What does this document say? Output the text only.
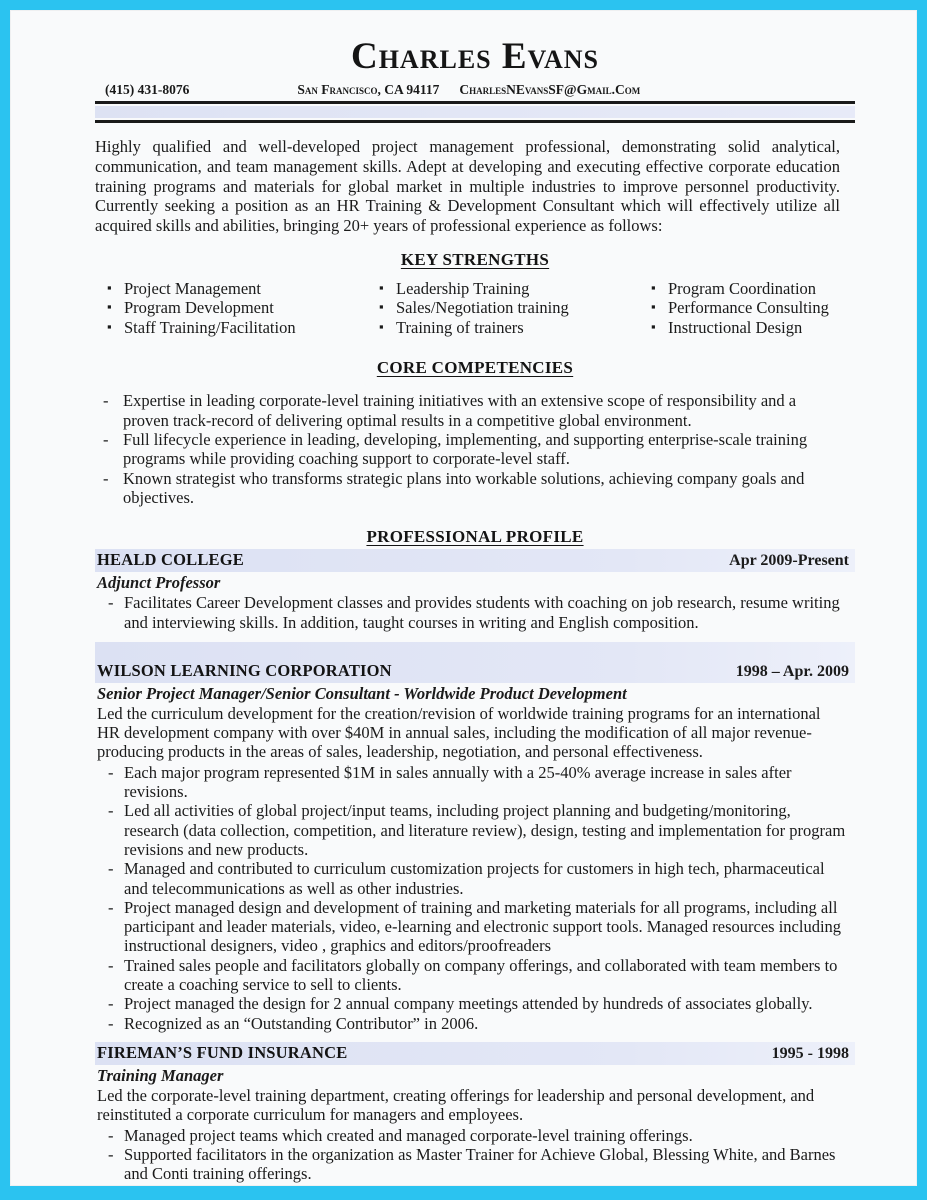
Charles Evans
(415) 431-8076	San Francisco, CA 94117 CharlesNEvansSF@Gmail.Com

Highly qualified and well-developed project management professional, demonstrating solid analytical, communication, and team management skills. Adept at developing and executing effective corporate education training programs and materials for global market in multiple industries to improve personnel productivity. Currently seeking a position as an HR Training & Development Consultant which will effectively utilize all acquired skills and abilities, bringing 20+ years of professional experience as follows:

KEY STRENGTHS
▪ Project Management
▪ Program Development
▪ Staff Training/Facilitation
▪ Leadership Training
▪ Sales/Negotiation training
▪ Training of trainers
▪ Program Coordination
▪ Performance Consulting
▪ Instructional Design
CORE COMPETENCIES
- Expertise in leading corporate-level training initiatives with an extensive scope of responsibility and a proven track-record of delivering optimal results in a competitive global environment.
- Full lifecycle experience in leading, developing, implementing, and supporting enterprise-scale training programs while providing coaching support to corporate-level staff.
- Known strategist who transforms strategic plans into workable solutions, achieving company goals and objectives.
PROFESSIONAL PROFILE
HEALD COLLEGE	Apr 2009-Present
Adjunct Professor
- Facilitates Career Development classes and provides students with coaching on job research, resume writing and interviewing skills. In addition, taught courses in writing and English composition.
WILSON LEARNING CORPORATION	1998 – Apr. 2009
Senior Project Manager/Senior Consultant - Worldwide Product Development

Led the curriculum development for the creation/revision of worldwide training programs for an international HR development company with over $40M in annual sales, including the modification of all major revenue-producing products in the areas of sales, leadership, negotiation, and personal effectiveness.

- Each major program represented $1M in sales annually with a 25-40% average increase in sales after revisions.
- Led all activities of global project/input teams, including project planning and budgeting/monitoring, research (data collection, competition, and literature review), design, testing and implementation for program revisions and new products.
- Managed and contributed to curriculum customization projects for customers in high tech, pharmaceutical and telecommunications as well as other industries.
- Project managed design and development of training and marketing materials for all programs, including all participant and leader materials, video, e-learning and electronic support tools. Managed resources including instructional designers, video , graphics and editors/proofreaders
- Trained sales people and facilitators globally on company offerings, and collaborated with team members to create a coaching service to sell to clients.
- Project managed the design for 2 annual company meetings attended by hundreds of associates globally.
- Recognized as an “Outstanding Contributor” in 2006.
FIREMAN’S FUND INSURANCE	1995 - 1998
Training Manager

Led the corporate-level training department, creating offerings for leadership and personal development, and reinstituted a corporate curriculum for managers and employees.

- Managed project teams which created and managed corporate-level training offerings.
- Supported facilitators in the organization as Master Trainer for Achieve Global, Blessing White, and Barnes and Conti training offerings.
